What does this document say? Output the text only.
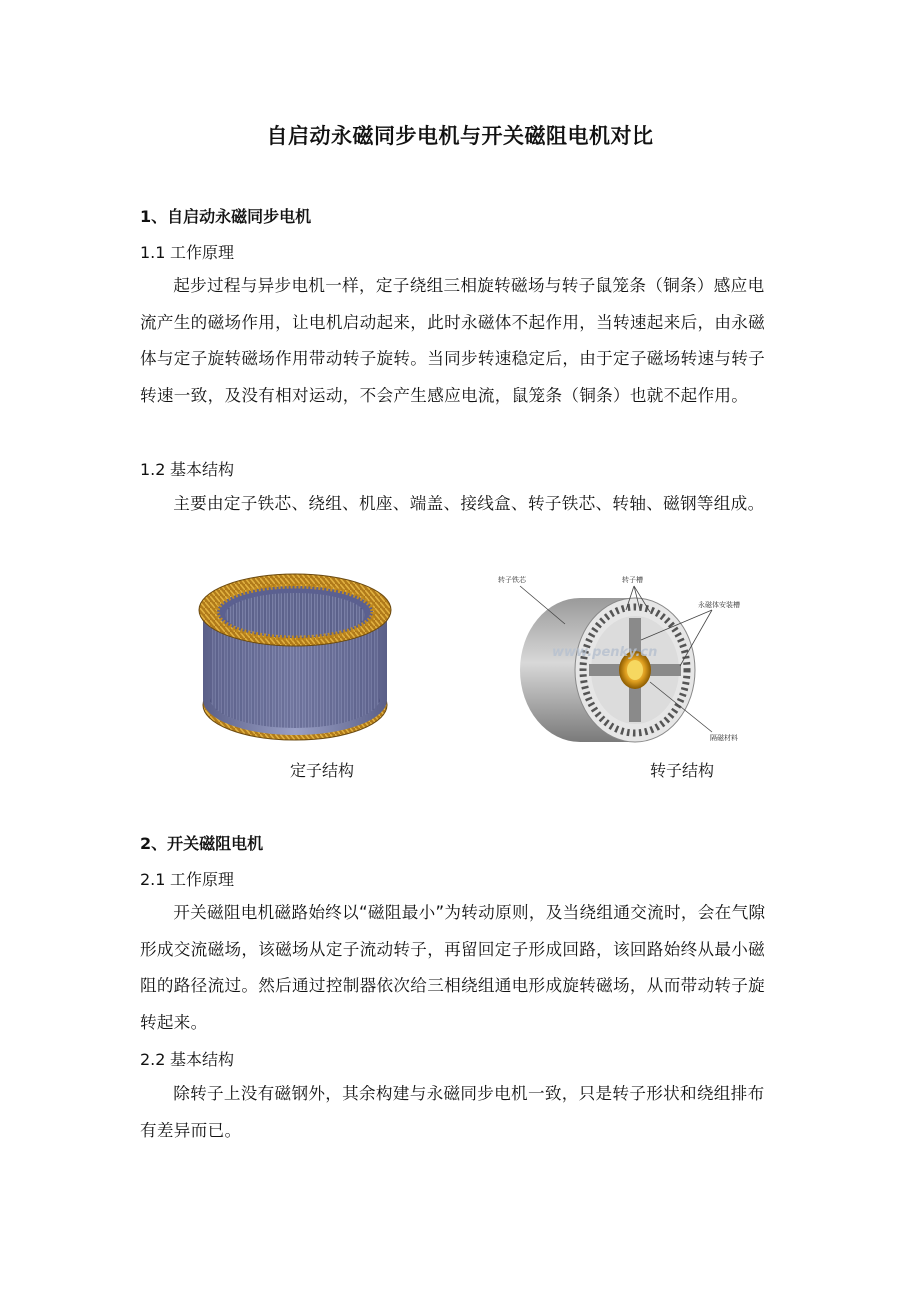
自启动永磁同步电机与开关磁阻电机对比
1、自启动永磁同步电机
1.1 工作原理
起步过程与异步电机一样，定子绕组三相旋转磁场与转子鼠笼条（铜条）感应电流产生的磁场作用，让电机启动起来，此时永磁体不起作用，当转速起来后，由永磁体与定子旋转磁场作用带动转子旋转。当同步转速稳定后，由于定子磁场转速与转子转速一致，及没有相对运动，不会产生感应电流，鼠笼条（铜条）也就不起作用。
1.2 基本结构
主要由定子铁芯、绕组、机座、端盖、接线盒、转子铁芯、转轴、磁钢等组成。
www.penky.cn
转子铁芯	转子槽
永磁体安装槽
隔磁材料
定子结构	转子结构
2、开关磁阻电机
2.1 工作原理
开关磁阻电机磁路始终以“磁阻最小”为转动原则，及当绕组通交流时，会在气隙形成交流磁场，该磁场从定子流动转子，再留回定子形成回路，该回路始终从最小磁阻的路径流过。然后通过控制器依次给三相绕组通电形成旋转磁场，从而带动转子旋转起来。
2.2 基本结构
除转子上没有磁钢外，其余构建与永磁同步电机一致，只是转子形状和绕组排布有差异而已。
